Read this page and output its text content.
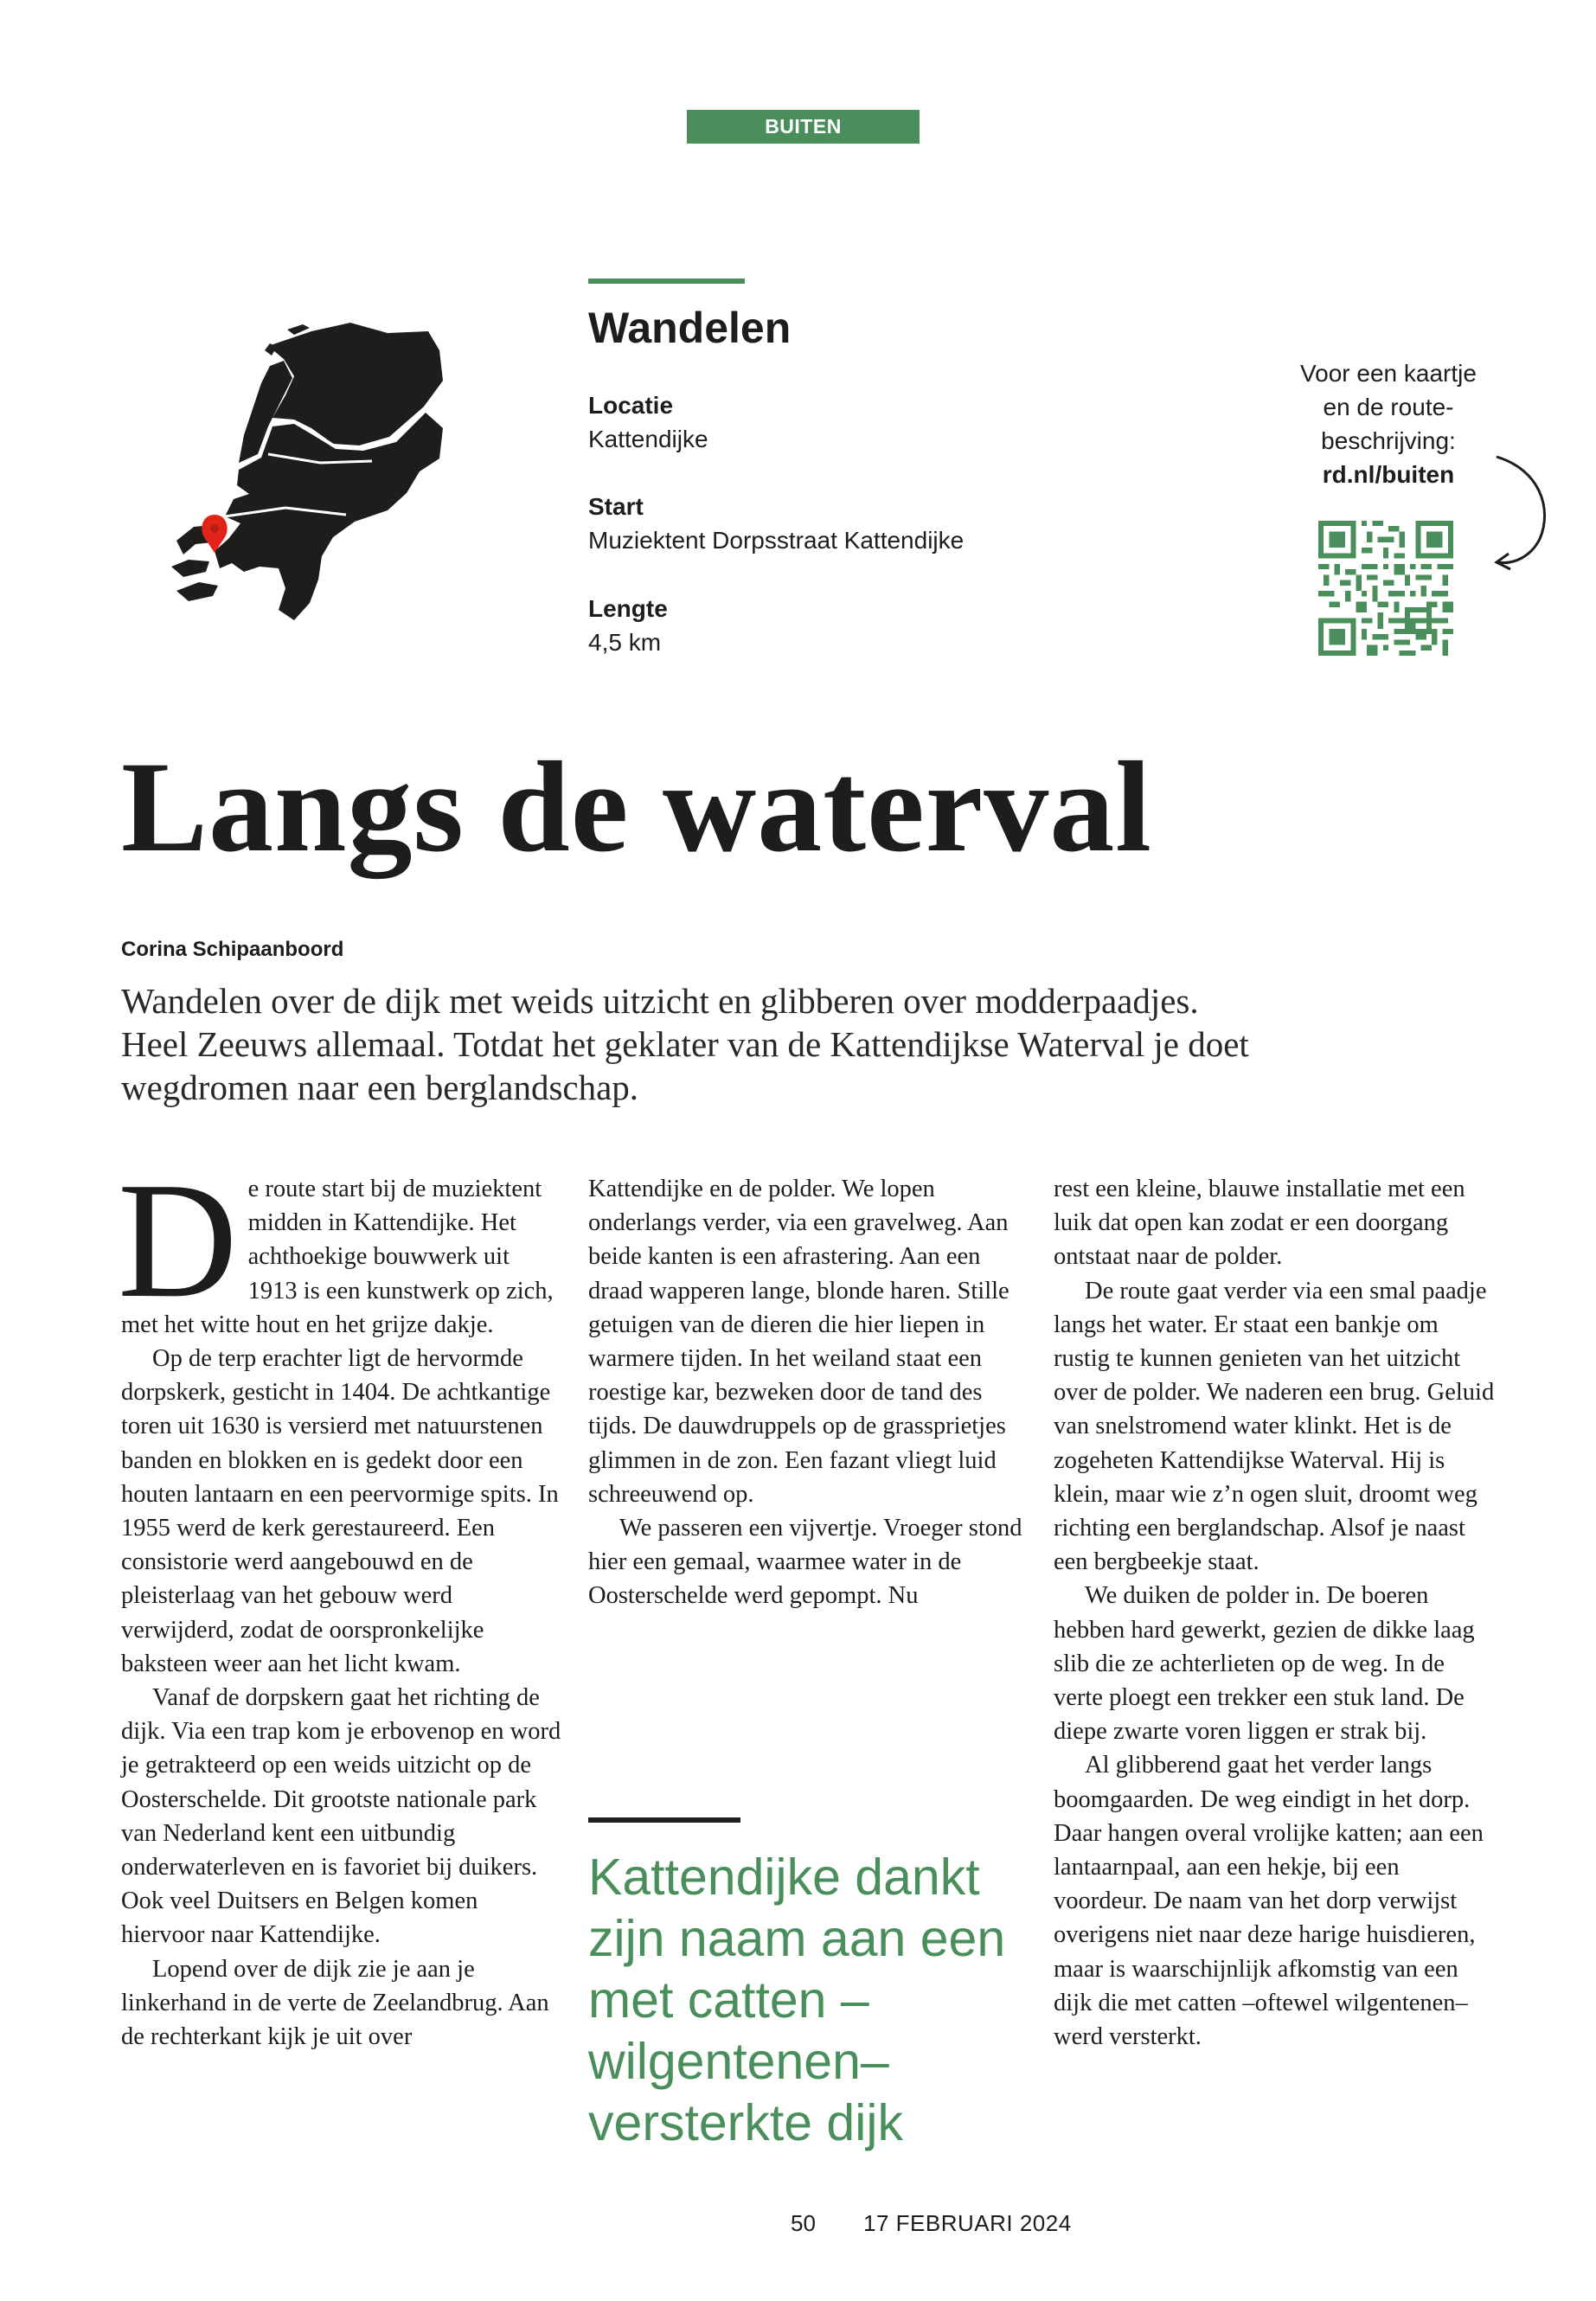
BUITEN
Wandelen
Locatie
Kattendijke
Start
Muziektent Dorpsstraat Kattendijke
Lengte
4,5 km
Voor een kaartje
en de route-
beschrijving:
rd.nl/buiten
Langs de waterval
Corina Schipaanboord
Wandelen over de dijk met weids uitzicht en glibberen over modderpaadjes. Heel Zeeuws allemaal. Totdat het geklater van de Kattendijkse Waterval je doet wegdromen naar een berglandschap.
D e route start bij de muziektent midden in Kattendijke. Het achthoekige bouwwerk uit 1913 is een kunstwerk op zich, met het witte hout en het grijze dakje.

Op de terp erachter ligt de hervormde dorpskerk, gesticht in 1404. De achtkantige toren uit 1630 is versierd met natuurstenen banden en blokken en is gedekt door een houten lantaarn en een peervormige spits. In 1955 werd de kerk gerestaureerd. Een consistorie werd aangebouwd en de pleisterlaag van het gebouw werd verwijderd, zodat de oorspronkelijke baksteen weer aan het licht kwam.

Vanaf de dorpskern gaat het richting de dijk. Via een trap kom je erbovenop en word je getrakteerd op een weids uitzicht op de Oosterschelde. Dit grootste nationale park van Nederland kent een uitbundig onderwaterleven en is favoriet bij duikers. Ook veel Duitsers en Belgen komen hiervoor naar Kattendijke.

Lopend over de dijk zie je aan je linkerhand in de verte de Zeelandbrug. Aan de rechterkant kijk je uit over

Kattendijke en de polder. We lopen onderlangs verder, via een gravelweg. Aan beide kanten is een afrastering. Aan een draad wapperen lange, blonde haren. Stille getuigen van de dieren die hier liepen in warmere tijden. In het weiland staat een roestige kar, bezweken door de tand des tijds. De dauwdruppels op de grassprietjes glimmen in de zon. Een fazant vliegt luid schreeuwend op.

We passeren een vijvertje. Vroeger stond hier een gemaal, waarmee water in de Oosterschelde werd gepompt. Nu

Kattendijke dankt zijn naam aan een met catten –wilgentenen– versterkte dijk

rest een kleine, blauwe installatie met een luik dat open kan zodat er een doorgang ontstaat naar de polder.

De route gaat verder via een smal paadje langs het water. Er staat een bankje om rustig te kunnen genieten van het uitzicht over de polder. We naderen een brug. Geluid van snelstromend water klinkt. Het is de zogeheten Kattendijkse Waterval. Hij is klein, maar wie z’n ogen sluit, droomt weg richting een berglandschap. Alsof je naast een bergbeekje staat.

We duiken de polder in. De boeren hebben hard gewerkt, gezien de dikke laag slib die ze achterlieten op de weg. In de verte ploegt een trekker een stuk land. De diepe zwarte voren liggen er strak bij.

Al glibberend gaat het verder langs boomgaarden. De weg eindigt in het dorp. Daar hangen overal vrolijke katten; aan een lantaarnpaal, aan een hekje, bij een voordeur. De naam van het dorp verwijst overigens niet naar deze harige huisdieren, maar is waarschijnlijk afkomstig van een dijk die met catten –oftewel wilgentenen– werd versterkt.

50 17 FEBRUARI 2024
